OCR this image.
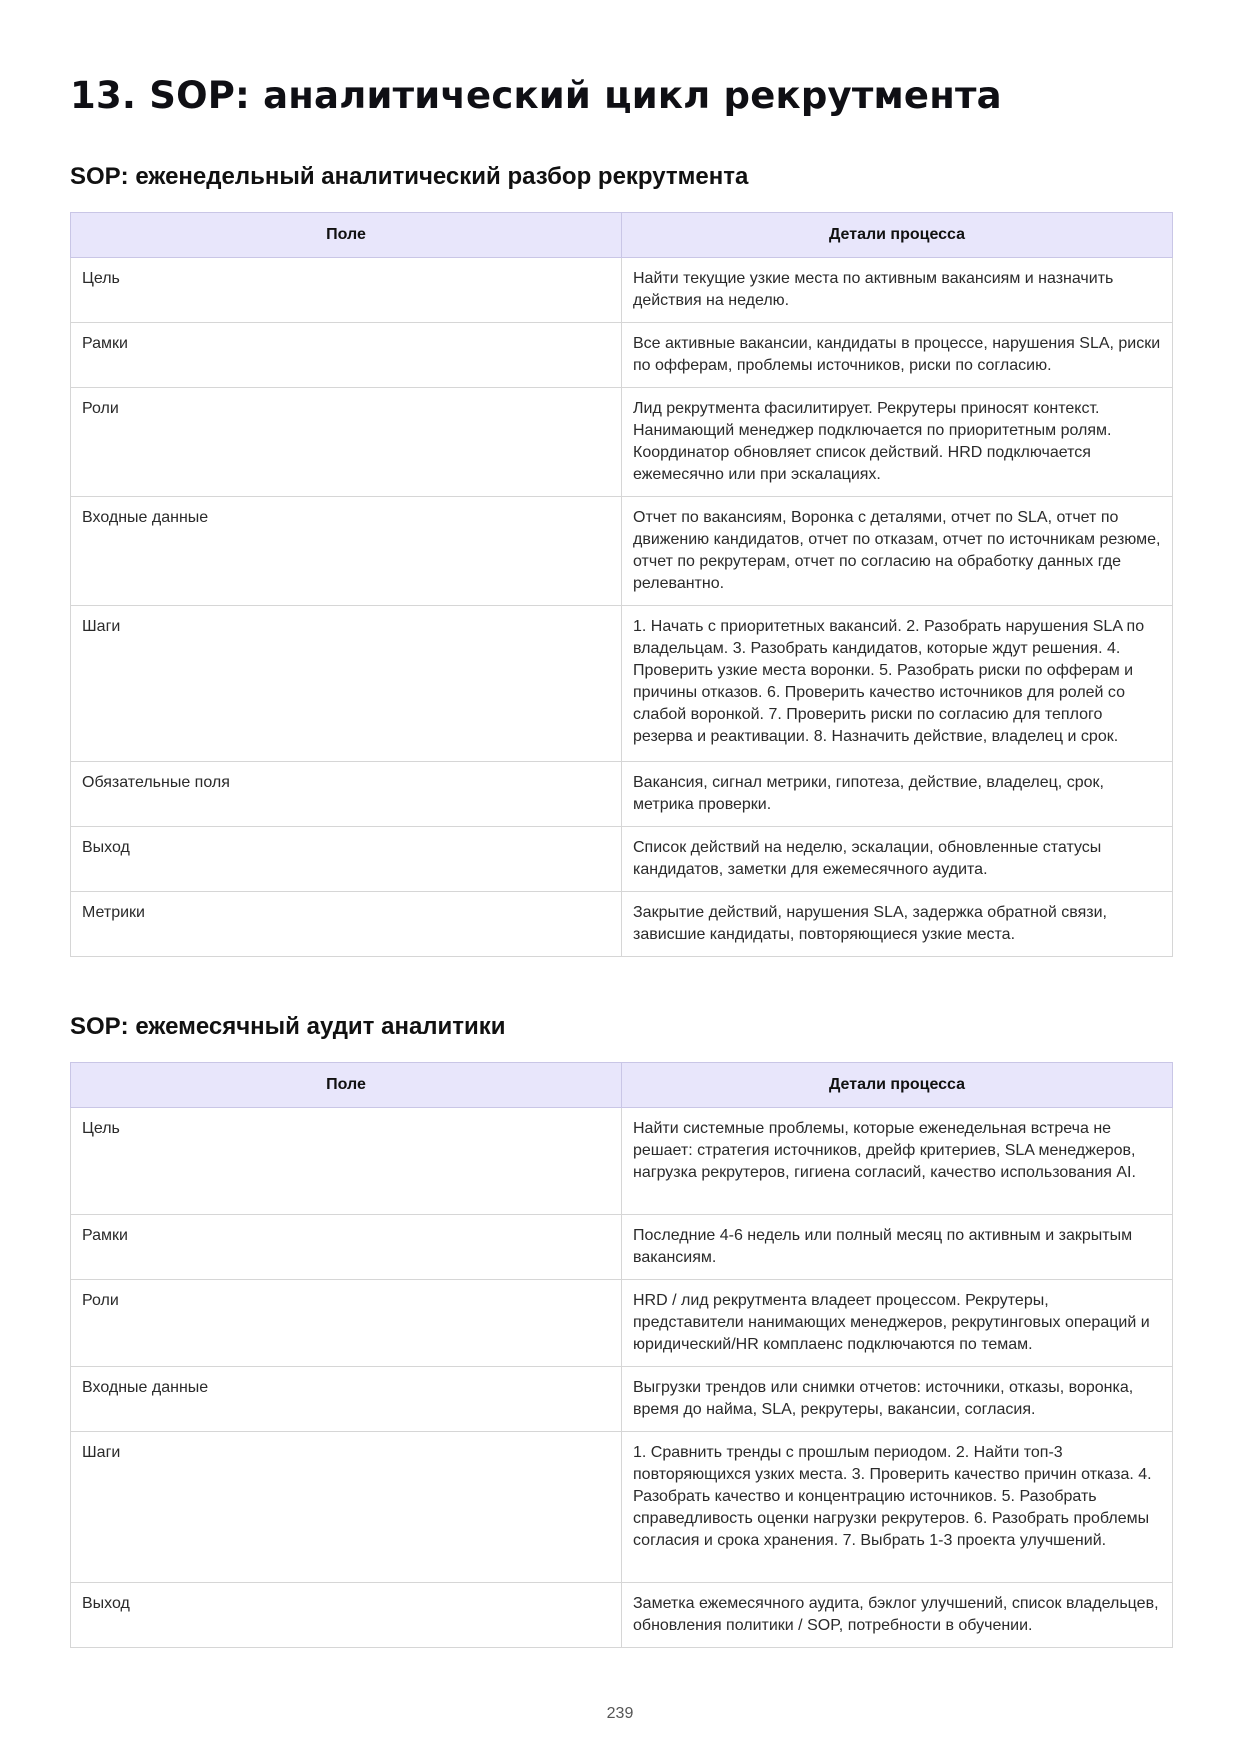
13. SOP: аналитический цикл рекрутмента
SOP: еженедельный аналитический разбор рекрутмента
Поле	Детали процесса
Цель	Найти текущие узкие места по активным вакансиям и назначить действия на неделю.
Рамки	Все активные вакансии, кандидаты в процессе, нарушения SLA, риски по офферам, проблемы источников, риски по согласию.
Роли	Лид рекрутмента фасилитирует. Рекрутеры приносят контекст. Нанимающий менеджер подключается по приоритетным ролям. Координатор обновляет список действий. HRD подключается ежемесячно или при эскалациях.
Входные данные	Отчет по вакансиям, Воронка с деталями, отчет по SLA, отчет по движению кандидатов, отчет по отказам, отчет по источникам резюме, отчет по рекрутерам, отчет по согласию на обработку данных где релевантно.
Шаги	1. Начать с приоритетных вакансий. 2. Разобрать нарушения SLA по владельцам. 3. Разобрать кандидатов, которые ждут решения. 4. Проверить узкие места воронки. 5. Разобрать риски по офферам и причины отказов. 6. Проверить качество источников для ролей со слабой воронкой. 7. Проверить риски по согласию для теплого резерва и реактивации. 8. Назначить действие, владелец и срок.
Обязательные поля	Вакансия, сигнал метрики, гипотеза, действие, владелец, срок, метрика проверки.
Выход	Список действий на неделю, эскалации, обновленные статусы кандидатов, заметки для ежемесячного аудита.
Метрики	Закрытие действий, нарушения SLA, задержка обратной связи, зависшие кандидаты, повторяющиеся узкие места.
SOP: ежемесячный аудит аналитики
Поле	Детали процесса
Цель	Найти системные проблемы, которые еженедельная встреча не решает: стратегия источников, дрейф критериев, SLA менеджеров, нагрузка рекрутеров, гигиена согласий, качество использования AI.
Рамки	Последние 4-6 недель или полный месяц по активным и закрытым вакансиям.
Роли	HRD / лид рекрутмента владеет процессом. Рекрутеры, представители нанимающих менеджеров, рекрутинговых операций и юридический/HR комплаенс подключаются по темам.
Входные данные	Выгрузки трендов или снимки отчетов: источники, отказы, воронка, время до найма, SLA, рекрутеры, вакансии, согласия.
Шаги	1. Сравнить тренды с прошлым периодом. 2. Найти топ-3 повторяющихся узких места. 3. Проверить качество причин отказа. 4. Разобрать качество и концентрацию источников. 5. Разобрать справедливость оценки нагрузки рекрутеров. 6. Разобрать проблемы согласия и срока хранения. 7. Выбрать 1-3 проекта улучшений.
Выход	Заметка ежемесячного аудита, бэклог улучшений, список владельцев, обновления политики / SOP, потребности в обучении.
239
